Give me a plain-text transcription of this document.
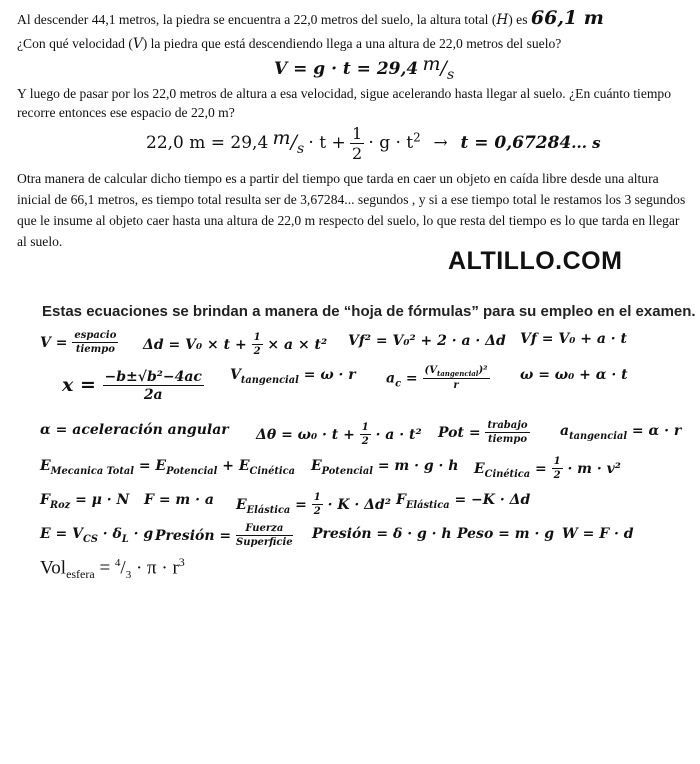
Al descender 44,1 metros, la piedra se encuentra a 22,0 metros del suelo, la altura total (H) es 66,1 m
¿Con qué velocidad (V) la piedra que está descendiendo llega a una altura de 22,0 metros del suelo?
V = g · t = 29,4 $m/_s$
Y luego de pasar por los 22,0 metros de altura a esa velocidad, sigue acelerando hasta llegar al suelo. ¿En cuánto tiempo recorre entonces ese espacio de 22,0 m?
22,0 m = 29,4 $m/_s \cdot t + \frac{1}{2} \cdot g \cdot t^2 \to t = 0,67284$... s
Otra manera de calcular dicho tiempo es a partir del tiempo que tarda en caer un objeto en caída libre desde una altura inicial de 66,1 metros, es tiempo total resulta ser de 3,67284... segundos , y si a ese tiempo total le restamos los 3 segundos que le insume al objeto caer hasta una altura de 22,0 m respecto del suelo, lo que resta del tiempo es lo que tarda en llegar al suelo.
ALTILLO.COM
Estas ecuaciones se brindan a manera de “hoja de fórmulas” para su empleo en el examen.
$V = \frac{\text{espacio}}{\text{tiempo}}$ $\Delta d = V_0 \times t + \frac{1}{2} \times a \times t^2$ Vf² = V₀² + 2 · a · Δd Vf = V₀ + a · t
$x = \frac{\text{−b±√b²−4ac}}{2a} V_{tangencial} = \omega \cdot r$ $a_c = \frac{(V_{tangencial})^2}{r}$ ω = ω₀ + α · t
α = aceleración angular $\Delta\theta = \omega_0 \cdot t + \frac{1}{2} \cdot a \cdot t^2$ Pot = $\frac{\text{trabajo}}{\text{tiempo}} a_{tangencial} = \alpha \cdot r$
$E_{Mecanica Total} = E_{Potencial} + E_{Cinética}$ $E_{Potencial} = m \cdot g \cdot h$ $E_{Cinética} = \frac{1}{2} \cdot m \cdot v^2$
$F_{Roz} = \mu \cdot N$ F = m · a $E_{Elástica} = \frac{1}{2} \cdot K \cdot \Delta d^2$ $F_{Elástica} = -K \cdot \Delta d$
$E = V_{CS} \cdot \delta_L \cdot g$ Presión = $\frac{\text{Fuerza}}{\text{Superficie}}$ Presión = δ · g · h Peso = m · g W = F · d
$Vol_{esfera} = ^4/_3 \cdot \pi \cdot r^3$
